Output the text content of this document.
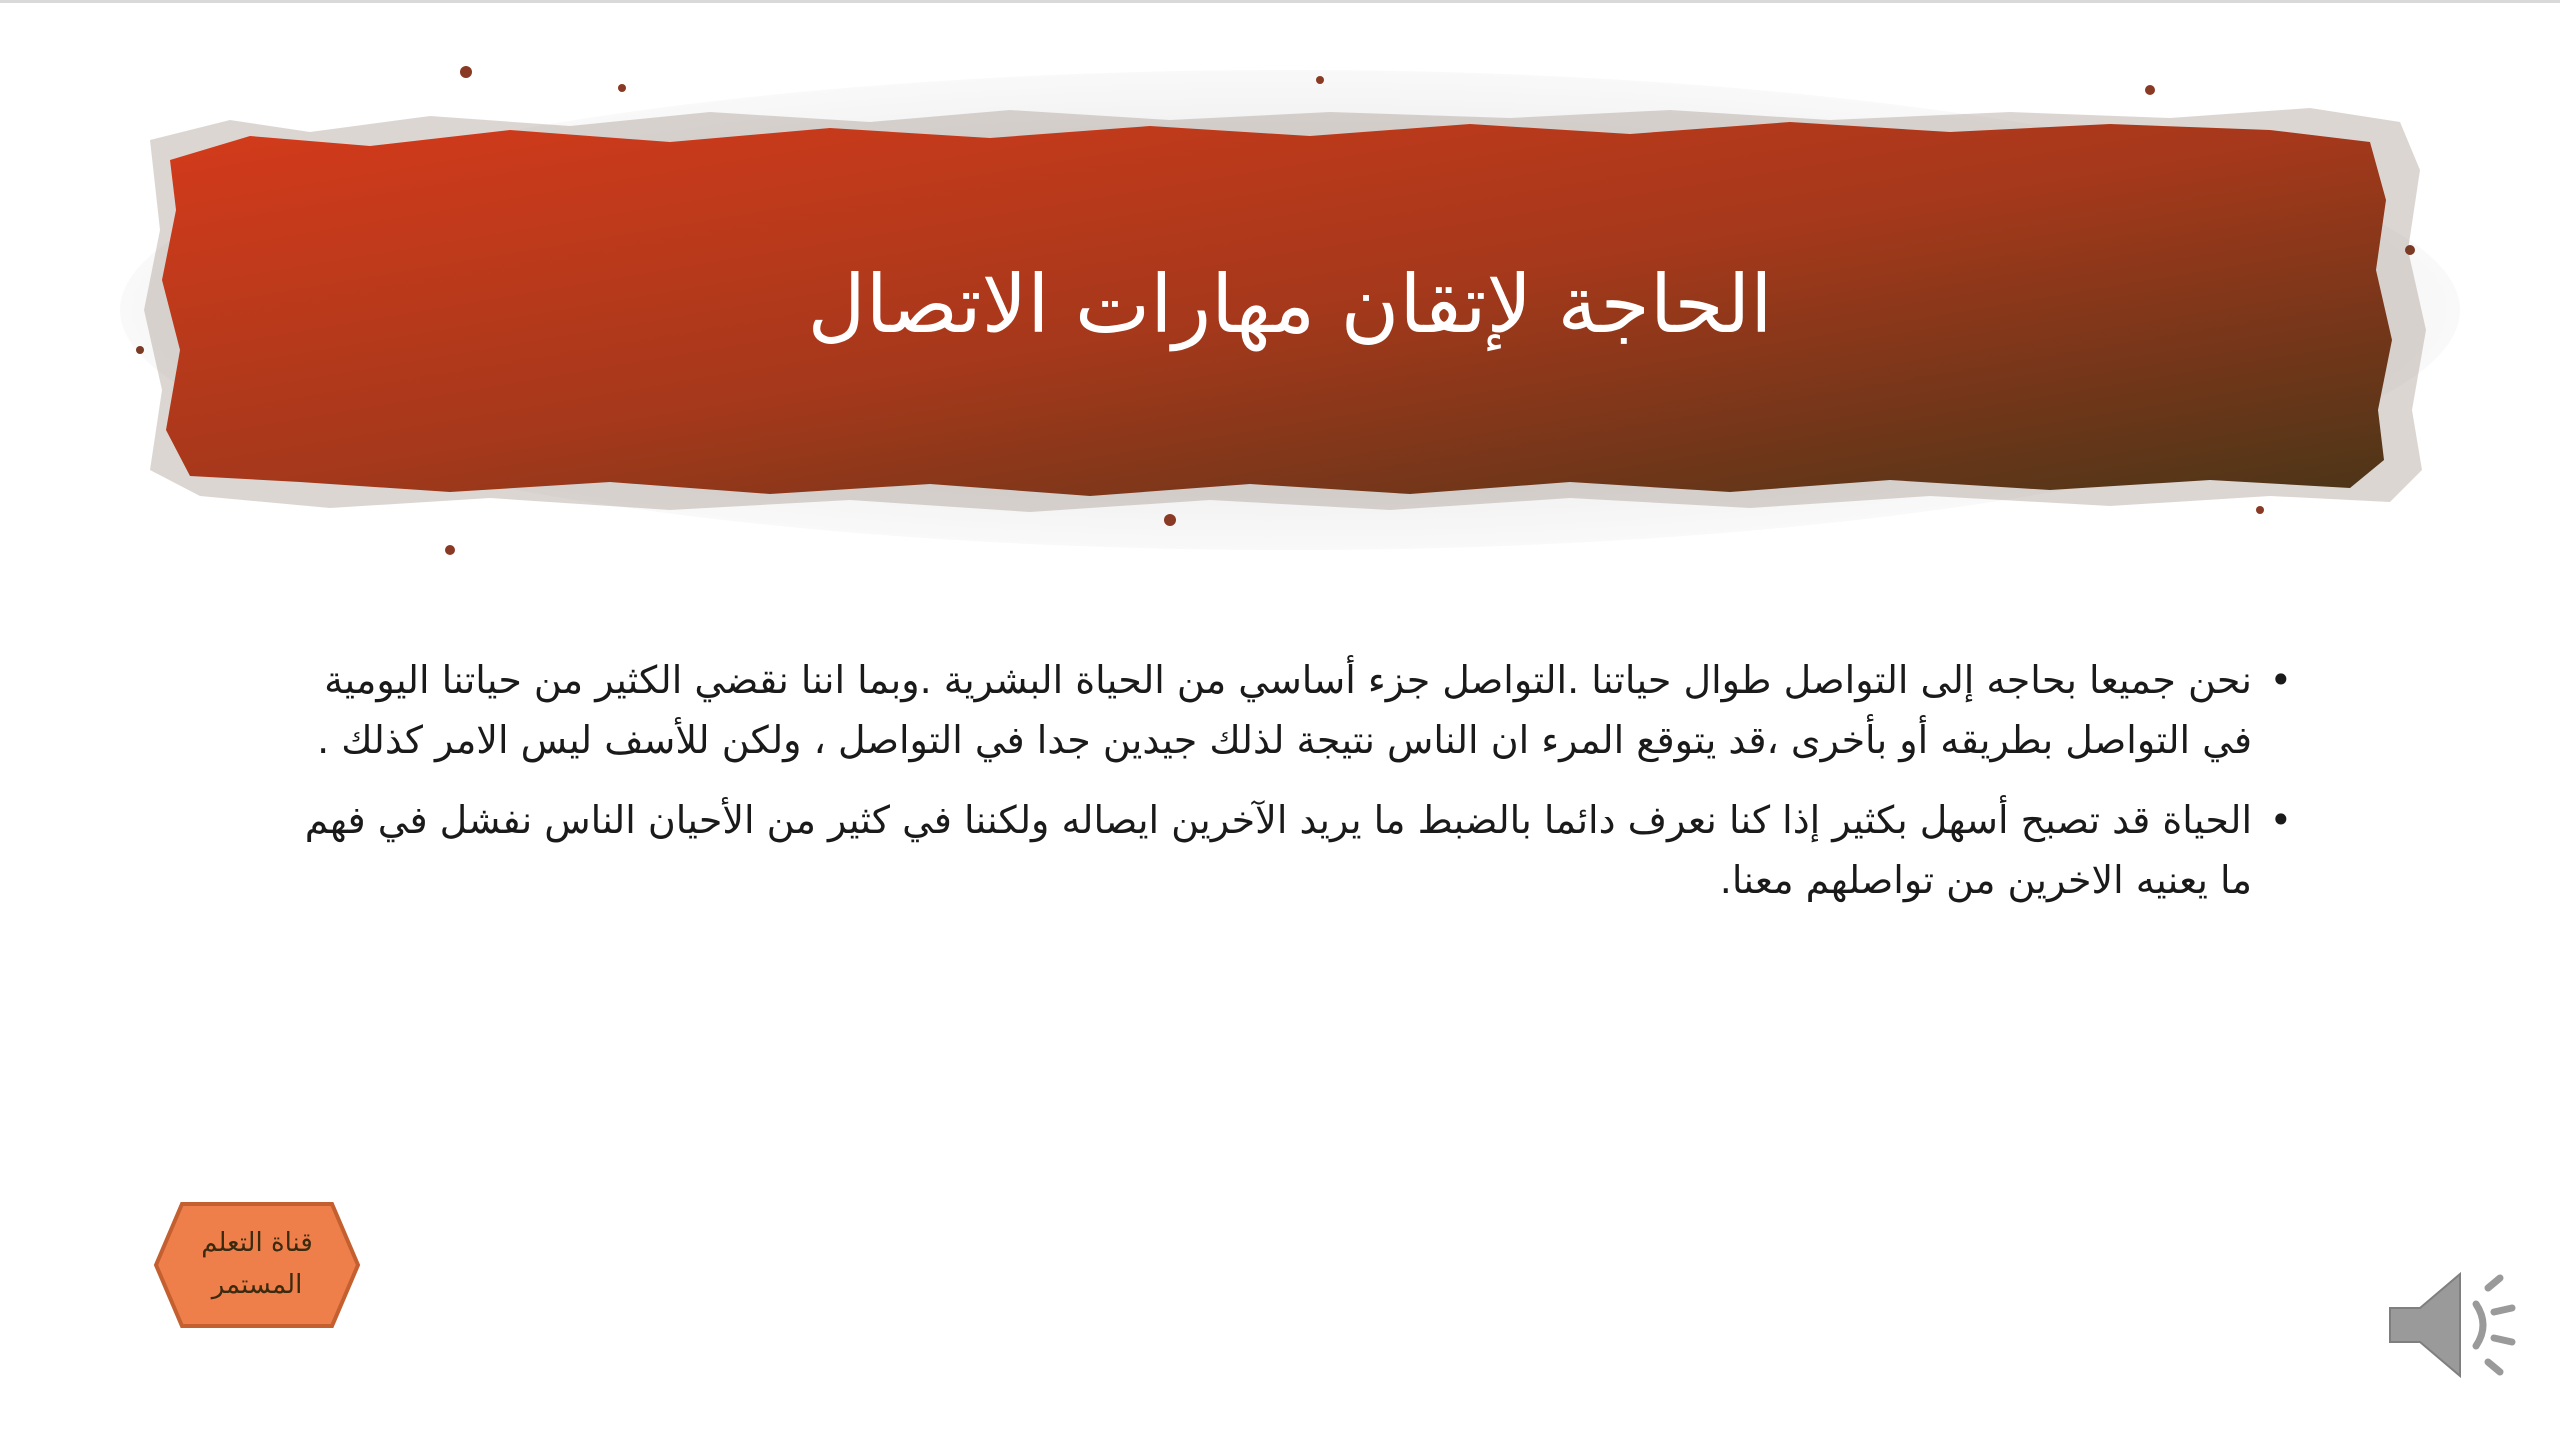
الحاجة لإتقان مهارات الاتصال

•
نحن جميعا بحاجه إلى التواصل طوال حياتنا .التواصل جزء أساسي من الحياة البشرية .وبما اننا نقضي الكثير من حياتنا اليومية في التواصل بطريقه أو بأخرى ،قد يتوقع المرء ان الناس نتيجة لذلك جيدين جدا في التواصل ، ولكن للأسف ليس الامر كذلك .

•
الحياة قد تصبح أسهل بكثير إذا كنا نعرف دائما بالضبط ما يريد الآخرين ايصاله ولكننا في كثير من الأحيان الناس نفشل في فهم ما يعنيه الاخرين من تواصلهم معنا.

قناة التعلم
المستمر
